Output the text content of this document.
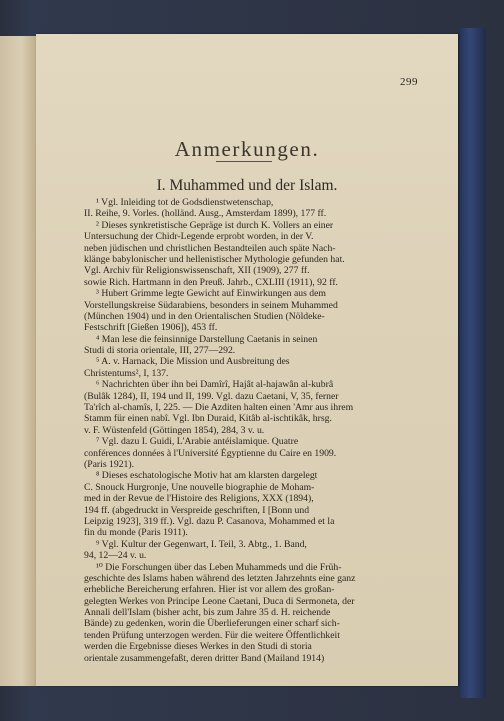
299
Anmerkungen.
I. Muhammed und der Islam.
¹ Vgl. Inleiding tot de Godsdienstwetenschap,
II. Reihe, 9. Vorles. (holländ. Ausg., Amsterdam 1899), 177 ff.
² Dieses synkretistische Gepräge ist durch K. Vollers an einer
Untersuchung der Chidr-Legende erprobt worden, in der V.
neben jüdischen und christlichen Bestandteilen auch späte Nach-
klänge babylonischer und hellenistischer Mythologie gefunden hat.
Vgl. Archiv für Religionswissenschaft, XII (1909), 277 ff.
sowie Rich. Hartmann in den Preuß. Jahrb., CXLIII (1911), 92 ff.
³ Hubert Grimme legte Gewicht auf Einwirkungen aus dem
Vorstellungskreise Südarabiens, besonders in seinem Muhammed
(München 1904) und in den Orientalischen Studien (Nöldeke-
Festschrift [Gießen 1906]), 453 ff.
⁴ Man lese die feinsinnige Darstellung Caetanis in seinen
Studi di storia orientale, III, 277—292.
⁵ A. v. Harnack, Die Mission und Ausbreitung des
Christentums², I, 137.
⁶ Nachrichten über ihn bei Damîrî, Hajât al-hajawân al-kubrâ
(Bulâk 1284), II, 194 und II, 199. Vgl. dazu Caetani, V, 35, ferner
Ta'rîch al-chamîs, I, 225. — Die Azditen halten einen 'Amr aus ihrem
Stamm für einen nabî. Vgl. Ibn Duraid, Kitâb al-ischtikâk, hrsg.
v. F. Wüstenfeld (Göttingen 1854), 284, 3 v. u.
⁷ Vgl. dazu I. Guidi, L'Arabie antéislamique. Quatre
conférences données à l'Université Égyptienne du Caire en 1909.
(Paris 1921).
⁸ Dieses eschatologische Motiv hat am klarsten dargelegt
C. Snouck Hurgronje, Une nouvelle biographie de Moham-
med in der Revue de l'Histoire des Religions, XXX (1894),
194 ff. (abgedruckt in Verspreide geschriften, I [Bonn und
Leipzig 1923], 319 ff.). Vgl. dazu P. Casanova, Mohammed et la
fin du monde (Paris 1911).
⁹ Vgl. Kultur der Gegenwart, I. Teil, 3. Abtg., 1. Band,
94, 12—24 v. u.
¹⁰ Die Forschungen über das Leben Muhammeds und die Früh-
geschichte des Islams haben während des letzten Jahrzehnts eine ganz
erhebliche Bereicherung erfahren. Hier ist vor allem des großan-
gelegten Werkes von Principe Leone Caetani, Duca di Sermoneta, der
Annali dell'Islam (bisher acht, bis zum Jahre 35 d. H. reichende
Bände) zu gedenken, worin die Überlieferungen einer scharf sich-
tenden Prüfung unterzogen werden. Für die weitere Öffentlichkeit
werden die Ergebnisse dieses Werkes in den Studi di storia
orientale zusammengefaßt, deren dritter Band (Mailand 1914)
